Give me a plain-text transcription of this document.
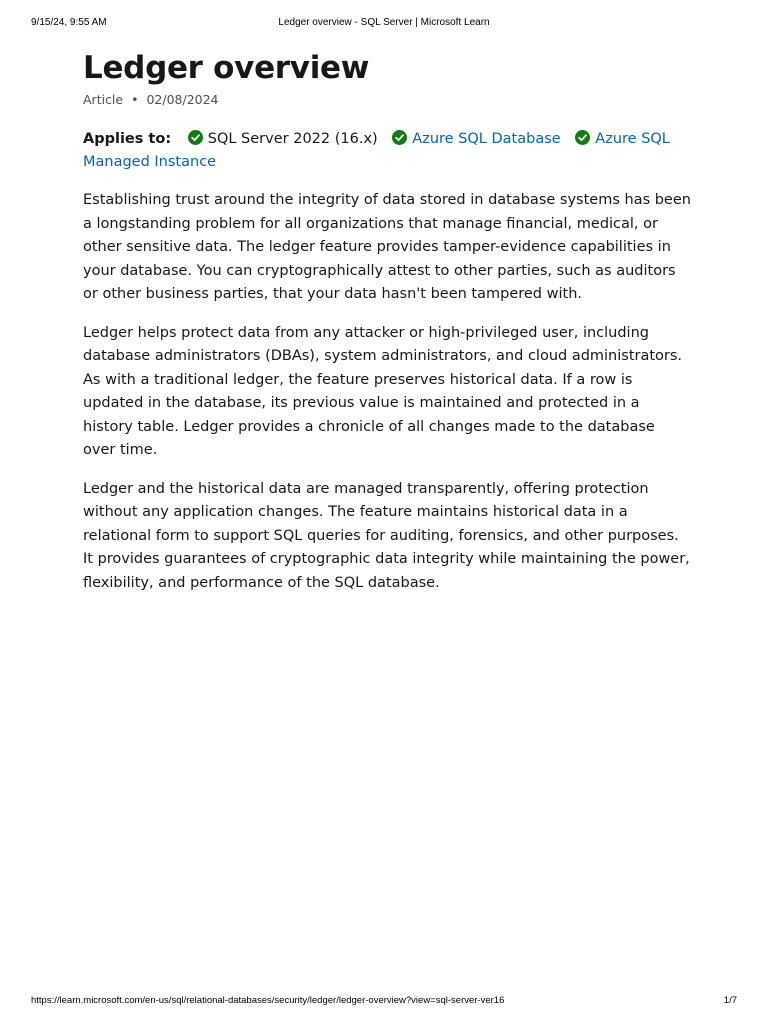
9/15/24, 9:55 AM	Ledger overview - SQL Server | Microsoft Learn
Ledger overview
Article • 02/08/2024
Applies to:	SQL Server 2022 (16.x) Azure SQL Database Azure SQL Managed Instance

Establishing trust around the integrity of data stored in database systems has been a longstanding problem for all organizations that manage financial, medical, or other sensitive data. The ledger feature provides tamper-evidence capabilities in your database. You can cryptographically attest to other parties, such as auditors or other business parties, that your data hasn't been tampered with.

Ledger helps protect data from any attacker or high-privileged user, including database administrators (DBAs), system administrators, and cloud administrators. As with a traditional ledger, the feature preserves historical data. If a row is updated in the database, its previous value is maintained and protected in a history table. Ledger provides a chronicle of all changes made to the database over time.

Ledger and the historical data are managed transparently, offering protection without any application changes. The feature maintains historical data in a relational form to support SQL queries for auditing, forensics, and other purposes. It provides guarantees of cryptographic data integrity while maintaining the power, flexibility, and performance of the SQL database.

https://learn.microsoft.com/en-us/sql/relational-databases/security/ledger/ledger-overview?view=sql-server-ver16	1/7
